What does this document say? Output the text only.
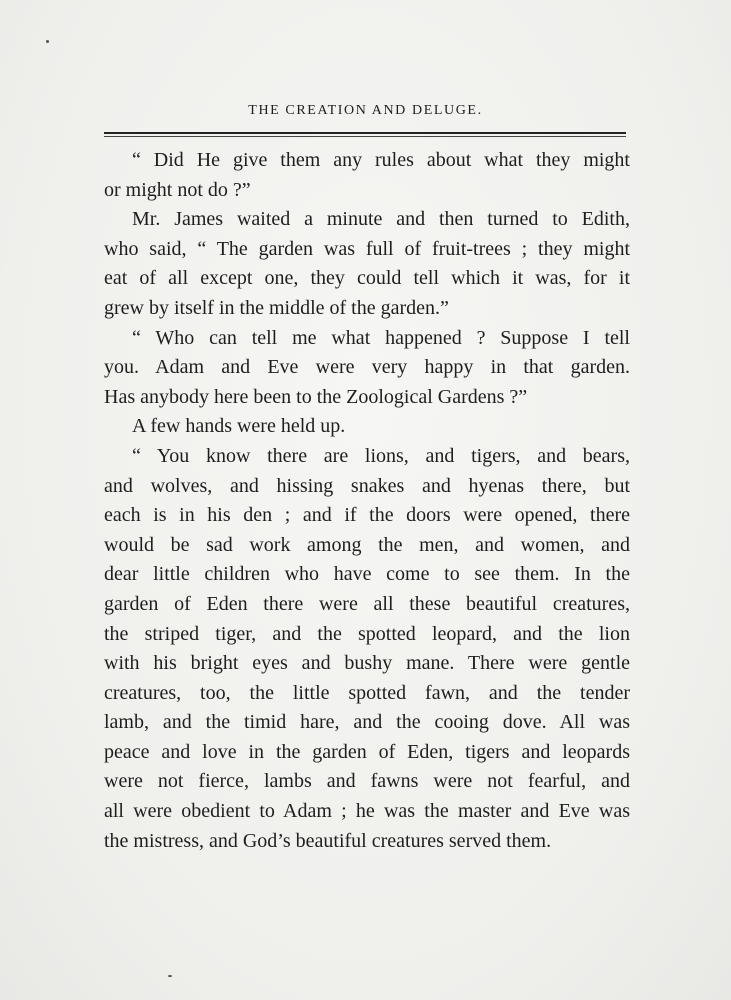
THE CREATION AND DELUGE.
“ Did He give them any rules about what they might
or might not do ?”
Mr. James waited a minute and then turned to Edith,
who said, “ The garden was full of fruit-trees ; they might
eat of all except one, they could tell which it was, for it
grew by itself in the middle of the garden.”
“ Who can tell me what happened ? Suppose I tell
you. Adam and Eve were very happy in that garden.
Has anybody here been to the Zoological Gardens ?”
A few hands were held up.
“ You know there are lions, and tigers, and bears,
and wolves, and hissing snakes and hyenas there, but
each is in his den ; and if the doors were opened, there
would be sad work among the men, and women, and
dear little children who have come to see them. In the
garden of Eden there were all these beautiful creatures,
the striped tiger, and the spotted leopard, and the lion
with his bright eyes and bushy mane. There were gentle
creatures, too, the little spotted fawn, and the tender
lamb, and the timid hare, and the cooing dove. All was
peace and love in the garden of Eden, tigers and leopards
were not fierce, lambs and fawns were not fearful, and
all were obedient to Adam ; he was the master and Eve was
the mistress, and God’s beautiful creatures served them.
